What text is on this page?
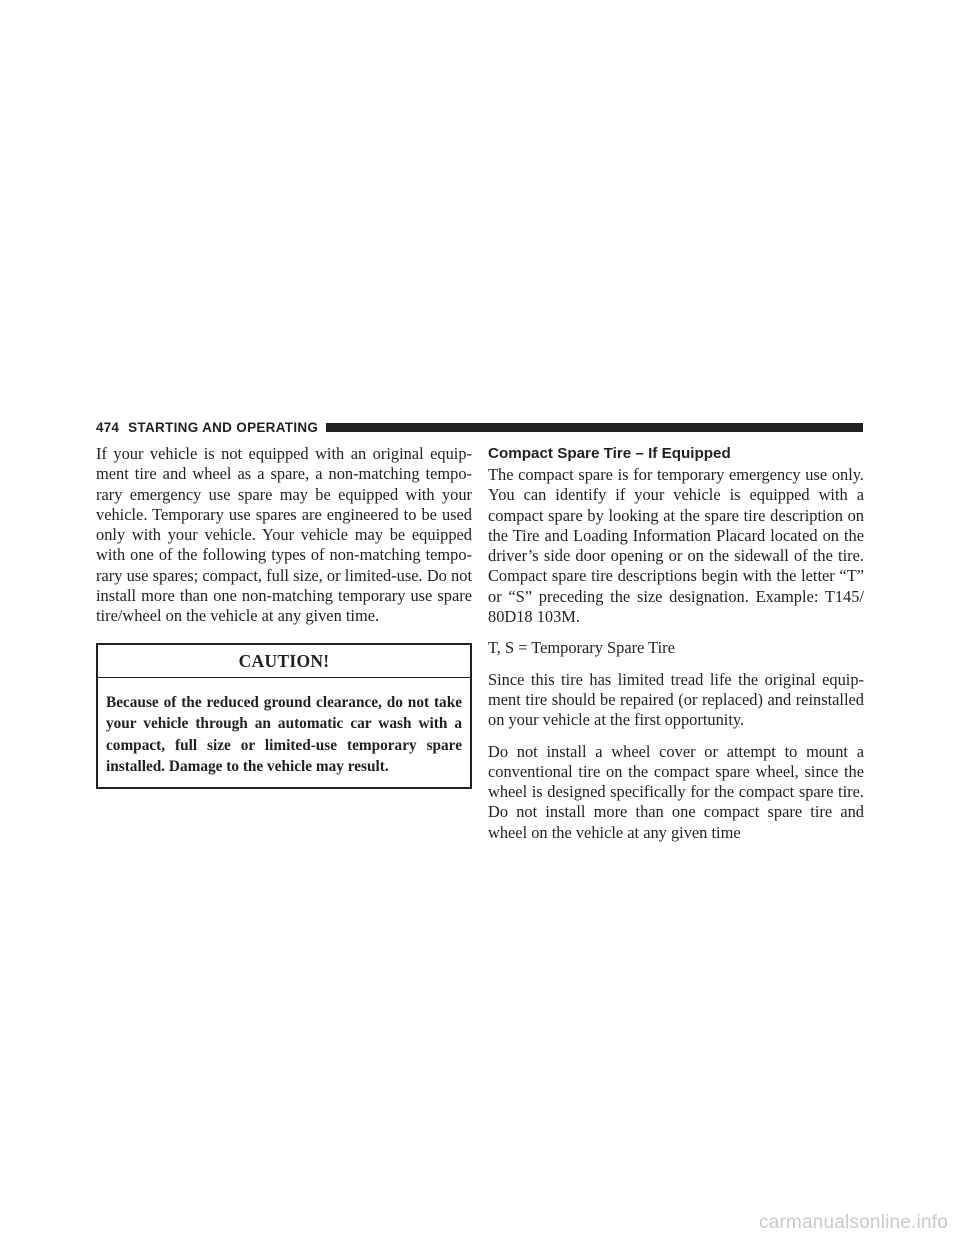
474 STARTING AND OPERATING

If your vehicle is not equipped with an original equip- ment tire and wheel as a spare, a non-matching tempo- rary emergency use spare may be equipped with your vehicle. Temporary use spares are engineered to be used only with your vehicle. Your vehicle may be equipped with one of the following types of non-matching tempo- rary use spares; compact, full size, or limited-use. Do not install more than one non-matching temporary use spare tire/wheel on the vehicle at any given time.

CAUTION!

Because of the reduced ground clearance, do not take your vehicle through an automatic car wash with a compact, full size or limited-use temporary spare installed. Damage to the vehicle may result.

Compact Spare Tire – If Equipped

The compact spare is for temporary emergency use only. You can identify if your vehicle is equipped with a compact spare by looking at the spare tire description on the Tire and Loading Information Placard located on the driver’s side door opening or on the sidewall of the tire. Compact spare tire descriptions begin with the letter “T” or “S” preceding the size designation. Example: T145/ 80D18 103M.

T, S = Temporary Spare Tire

Since this tire has limited tread life the original equip- ment tire should be repaired (or replaced) and reinstalled on your vehicle at the first opportunity.

Do not install a wheel cover or attempt to mount a conventional tire on the compact spare wheel, since the wheel is designed specifically for the compact spare tire. Do not install more than one compact spare tire and wheel on the vehicle at any given time

carmanualsonline.info
